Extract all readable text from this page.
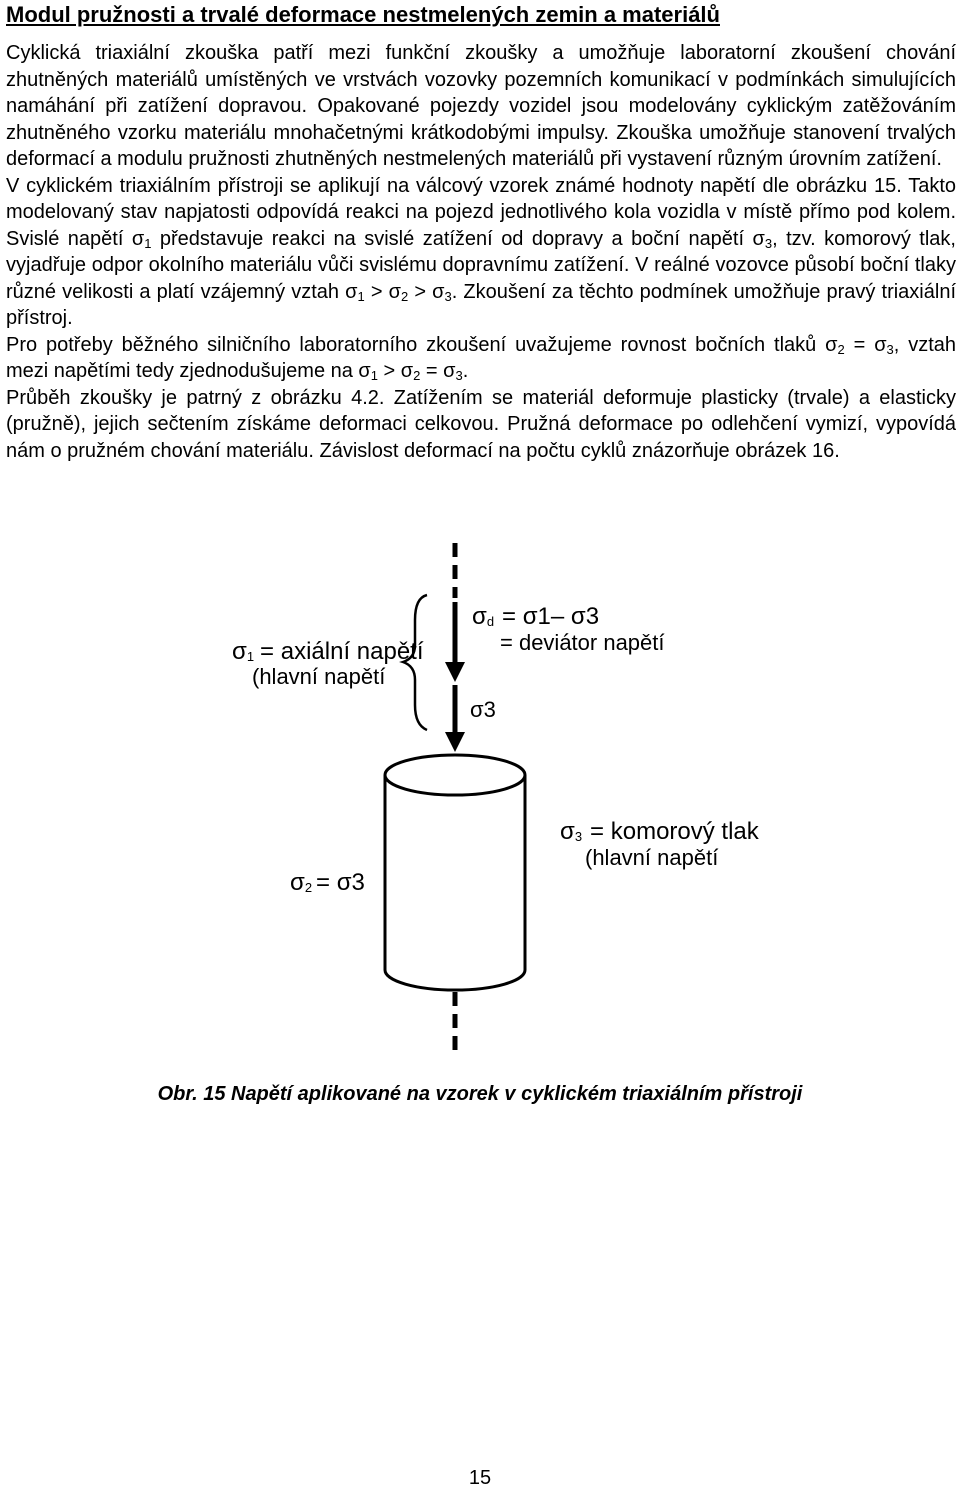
Modul pružnosti a trvalé deformace nestmelených zemin a materiálů

Cyklická triaxiální zkouška patří mezi funkční zkoušky a umožňuje laboratorní zkoušení chování zhutněných materiálů umístěných ve vrstvách vozovky pozemních komunikací v podmínkách simulujících namáhání při zatížení dopravou. Opakované pojezdy vozidel jsou modelovány cyklickým zatěžováním zhutněného vzorku materiálu mnohačetnými krátkodobými impulsy. Zkouška umožňuje stanovení trvalých deformací a modulu pružnosti zhutněných nestmelených materiálů při vystavení různým úrovním zatížení.

V cyklickém triaxiálním přístroji se aplikují na válcový vzorek známé hodnoty napětí dle obrázku 15. Takto modelovaný stav napjatosti odpovídá reakci na pojezd jednotlivého kola vozidla v místě přímo pod kolem. Svislé napětí $\sigma_1$ představuje reakci na svislé zatížení od dopravy a boční napětí $\sigma_3$, tzv. komorový tlak, vyjadřuje odpor okolního materiálu vůči svislému dopravnímu zatížení. V reálné vozovce působí boční tlaky různé velikosti a platí vzájemný vztah $\sigma_1 > \sigma_2 > \sigma_3$. Zkoušení za těchto podmínek umožňuje pravý triaxiální přístroj.

Pro potřeby běžného silničního laboratorního zkoušení uvažujeme rovnost bočních tlaků $\sigma_2 = \sigma_3$, vztah mezi napětími tedy zjednodušujeme na $\sigma_1 > \sigma_2 = \sigma_3$.

Průběh zkoušky je patrný z obrázku 4.2. Zatížením se materiál deformuje plasticky (trvale) a elasticky (pružně), jejich sečtením získáme deformaci celkovou. Pružná deformace po odlehčení vymizí, vypovídá nám o pružném chování materiálu. Závislost deformací na počtu cyklů znázorňuje obrázek 16.

σd = σ1– σ3
= deviátor napětí
σ3
σ1 = axiální napětí
(hlavní napětí
σ3 = komorový tlak
(hlavní napětí
σ2 = σ3
Obr. 15 Napětí aplikované na vzorek v cyklickém triaxiálním přístroji
15
